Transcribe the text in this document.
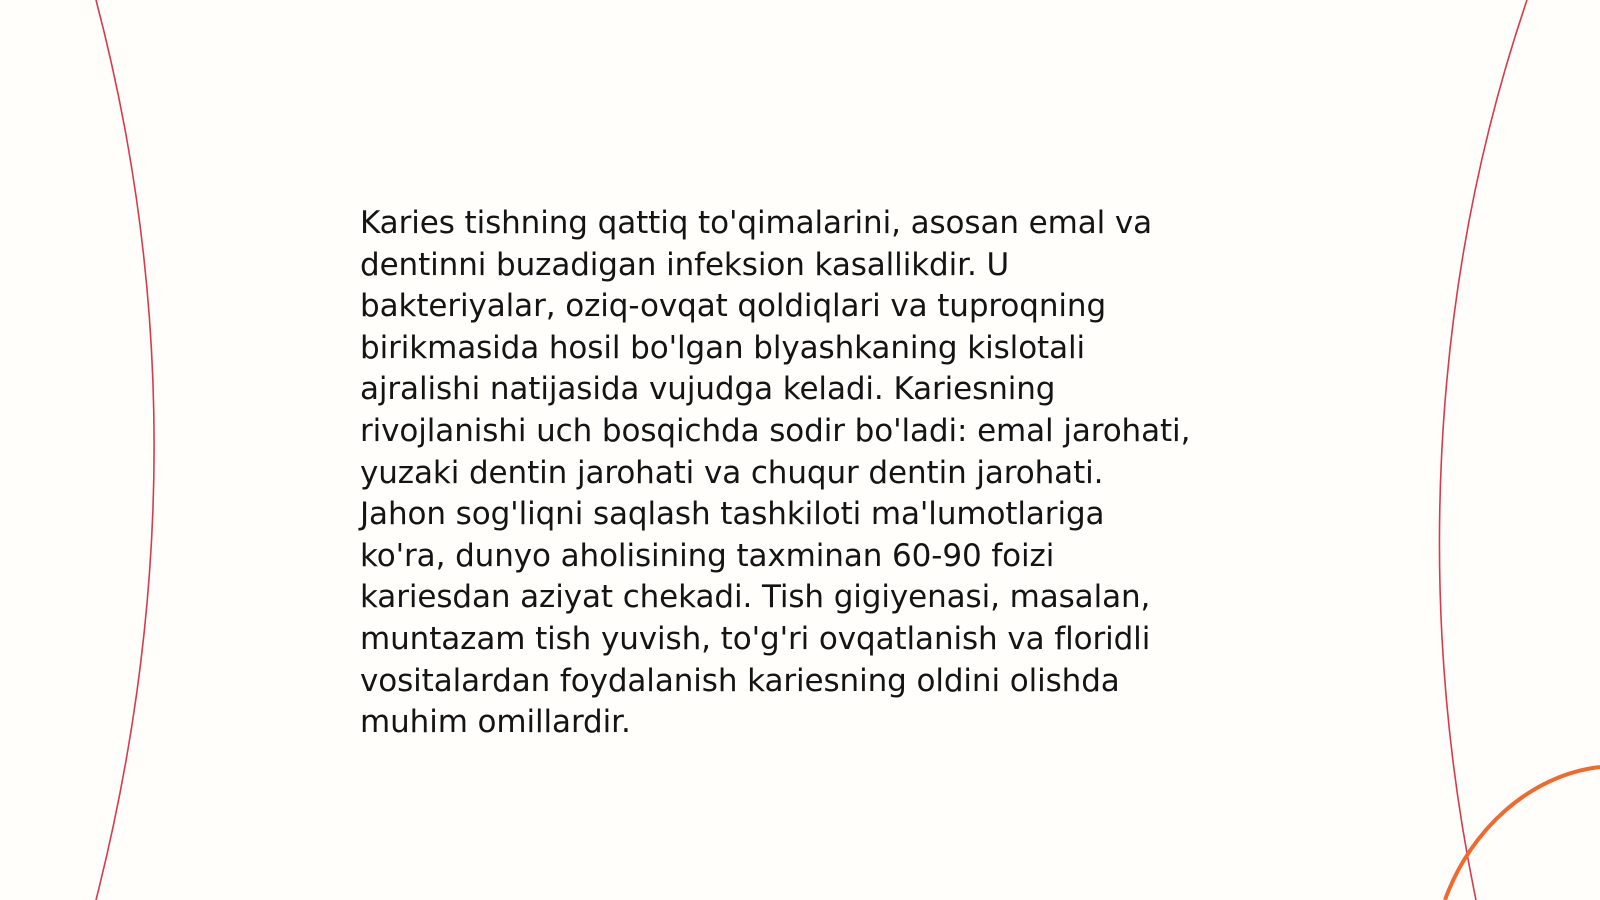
Karies tishning qattiq to'qimalarini, asosan emal va
dentinni buzadigan infeksion kasallikdir. U
bakteriyalar, oziq-ovqat qoldiqlari va tuproqning
birikmasida hosil bo'lgan blyashkaning kislotali
ajralishi natijasida vujudga keladi. Kariesning
rivojlanishi uch bosqichda sodir bo'ladi: emal jarohati,
yuzaki dentin jarohati va chuqur dentin jarohati.
Jahon sog'liqni saqlash tashkiloti ma'lumotlariga
ko'ra, dunyo aholisining taxminan 60-90 foizi
kariesdan aziyat chekadi. Tish gigiyenasi, masalan,
muntazam tish yuvish, to'g'ri ovqatlanish va floridli
vositalardan foydalanish kariesning oldini olishda
muhim omillardir.
